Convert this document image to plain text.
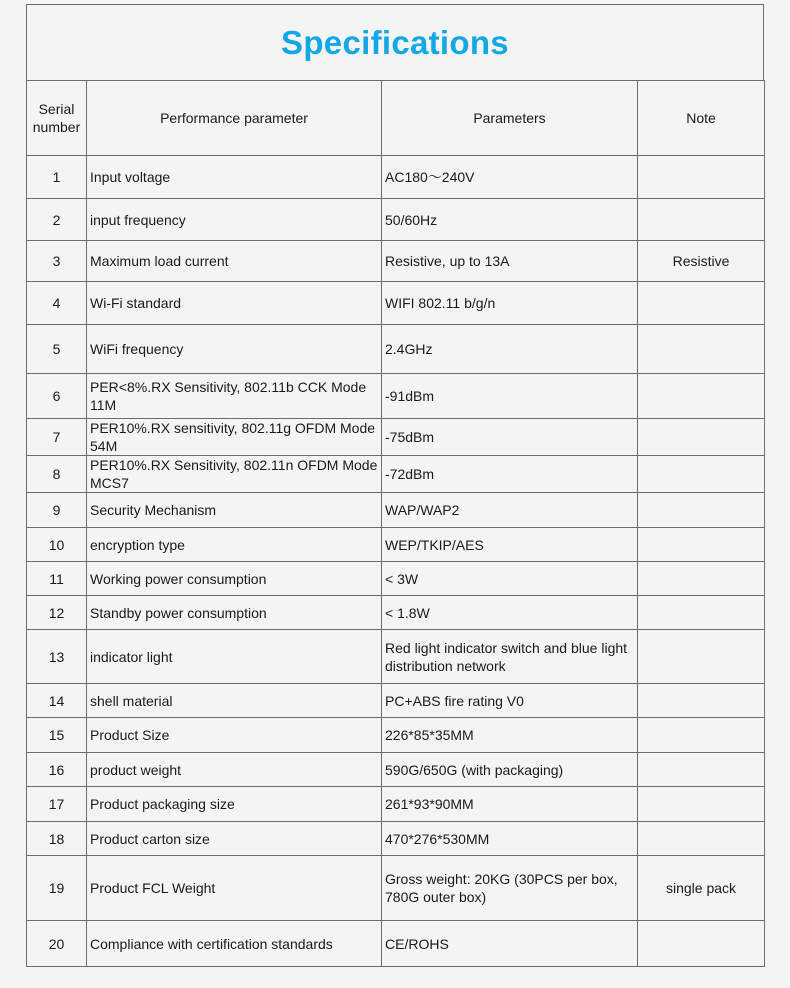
Specifications
Serial number	Performance parameter	Parameters	Note
1	Input voltage	AC180～240V	
2	input frequency	50/60Hz	
3	Maximum load current	Resistive, up to 13A	Resistive
4	Wi-Fi standard	WIFI 802.11 b/g/n	
5	WiFi frequency	2.4GHz	
6	PER<8%.RX Sensitivity, 802.11b CCK Mode 11M	-91dBm	
7	PER10%.RX sensitivity, 802.11g OFDM Mode 54M	-75dBm	
8	PER10%.RX Sensitivity, 802.11n OFDM Mode MCS7	-72dBm	
9	Security Mechanism	WAP/WAP2	
10	encryption type	WEP/TKIP/AES	
11	Working power consumption	< 3W	
12	Standby power consumption	< 1.8W	
13	indicator light	Red light indicator switch and blue light distribution network	
14	shell material	PC+ABS fire rating V0	
15	Product Size	226*85*35MM	
16	product weight	590G/650G (with packaging)	
17	Product packaging size	261*93*90MM	
18	Product carton size	470*276*530MM	
19	Product FCL Weight	Gross weight: 20KG (30PCS per box, 780G outer box)	single pack
20	Compliance with certification standards	CE/ROHS	
